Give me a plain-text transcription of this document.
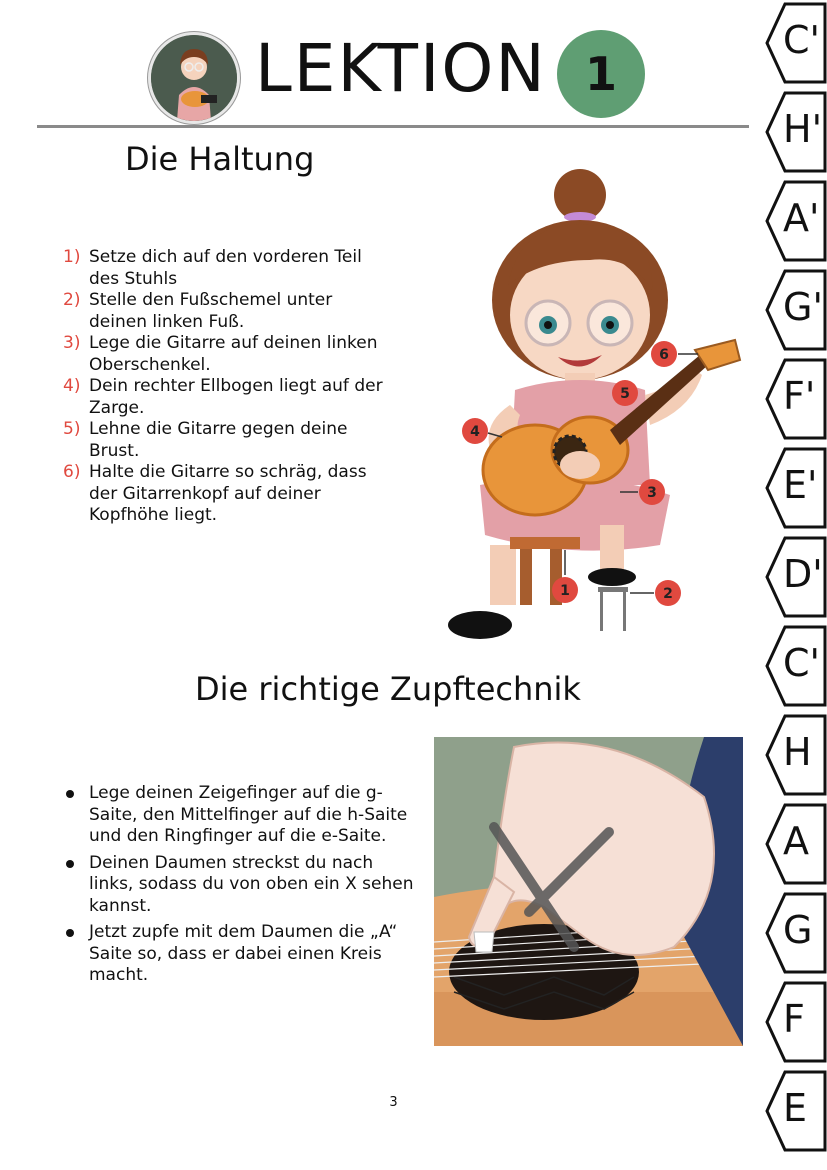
LEKTION 1
Die Haltung
1) Setze dich auf den vorderen Teil des Stuhls
2) Stelle den Fußschemel unter deinen linken Fuß.
3) Lege die Gitarre auf deinen linken Oberschenkel.
4) Dein rechter Ellbogen liegt auf der Zarge.
5) Lehne die Gitarre gegen deine Brust.
6) Halte die Gitarre so schräg, dass der Gitarrenkopf auf deiner Kopfhöhe liegt.
1	2
3
4
5
6
Die richtige Zupftechnik
Lege deinen Zeigefinger auf die g-Saite, den Mittelfinger auf die h-Saite und den Ringfinger auf die e-Saite.
Deinen Daumen streckst du nach links, sodass du von oben ein X sehen kannst.
Jetzt zupfe mit dem Daumen die „A“ Saite so, dass er dabei einen Kreis macht.
3
C'
H'
A'
G'
F'
E'
D'
C'
H
A
G
F
E
